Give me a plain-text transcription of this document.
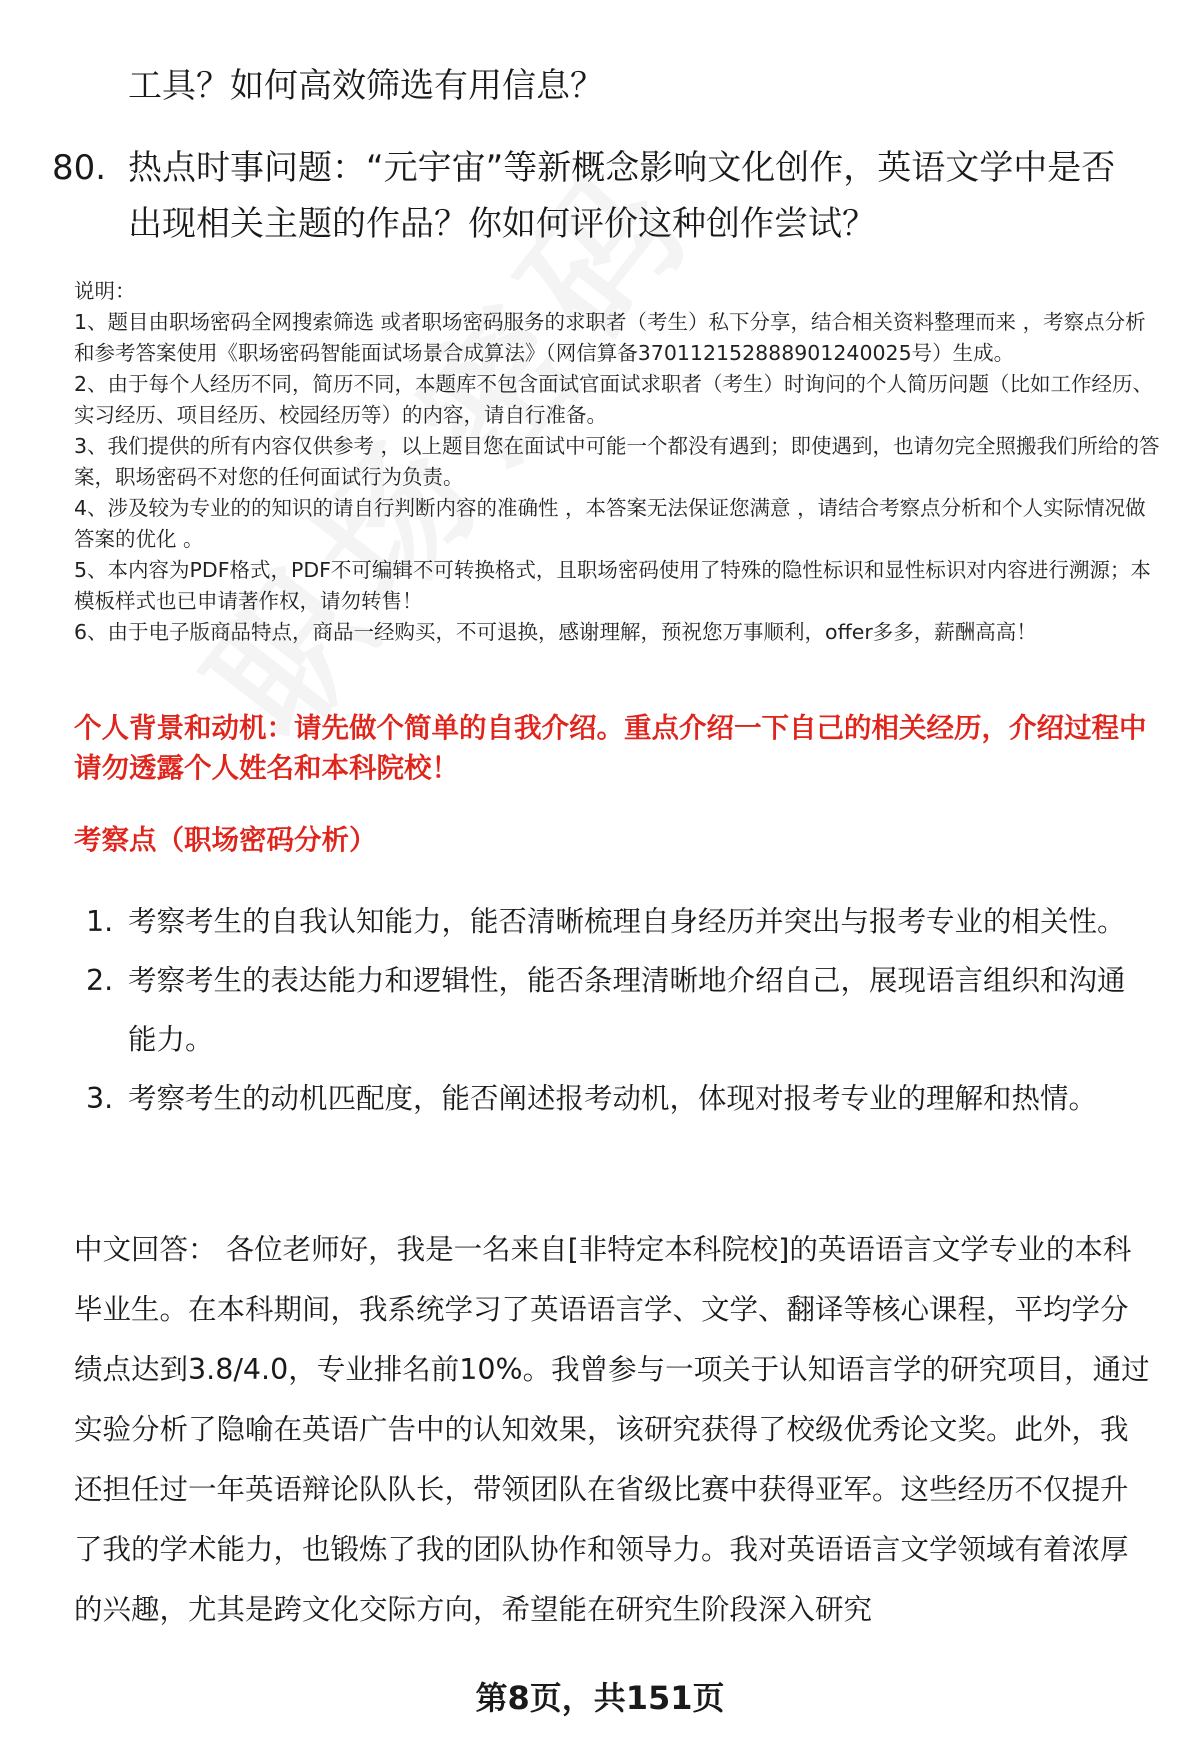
工具？如何高效筛选有用信息？

80. 热点时事问题：“元宇宙”等新概念影响文化创作，英语文学中是否出现相关主题的作品？你如何评价这种创作尝试？

说明：

1、题目由职场密码全网搜索筛选 或者职场密码服务的求职者（考生）私下分享，结合相关资料整理而来 ，考察点分析和参考答案使用《职场密码智能面试场景合成算法》（网信算备370112152888901240025号）生成。

2、由于每个人经历不同，简历不同，本题库不包含面试官面试求职者（考生）时询问的个人简历问题（比如工作经历、实习经历、项目经历、校园经历等）的内容，请自行准备。

3、我们提供的所有内容仅供参考 ，以上题目您在面试中可能一个都没有遇到；即使遇到，也请勿完全照搬我们所给的答案，职场密码不对您的任何面试行为负责。

4、涉及较为专业的的知识的请自行判断内容的准确性 ，本答案无法保证您满意 ，请结合考察点分析和个人实际情况做答案的优化 。

5、本内容为PDF格式，PDF不可编辑不可转换格式，且职场密码使用了特殊的隐性标识和显性标识对内容进行溯源；本模板样式也已申请著作权，请勿转售！

6、由于电子版商品特点，商品一经购买，不可退换，感谢理解，预祝您万事顺利，offer多多，薪酬高高！

个人背景和动机：请先做个简单的自我介绍。重点介绍一下自己的相关经历，介绍过程中请勿透露个人姓名和本科院校！

考察点（职场密码分析）

1. 考察考生的自我认知能力，能否清晰梳理自身经历并突出与报考专业的相关性。
2. 考察考生的表达能力和逻辑性，能否条理清晰地介绍自己，展现语言组织和沟通能力。
3. 考察考生的动机匹配度，能否阐述报考动机，体现对报考专业的理解和热情。

中文回答： 各位老师好，我是一名来自[非特定本科院校]的英语语言文学专业的本科毕业生。在本科期间，我系统学习了英语语言学、文学、翻译等核心课程，平均学分绩点达到3.8/4.0，专业排名前10%。我曾参与一项关于认知语言学的研究项目，通过实验分析了隐喻在英语广告中的认知效果，该研究获得了校级优秀论文奖。此外，我还担任过一年英语辩论队队长，带领团队在省级比赛中获得亚军。这些经历不仅提升了我的学术能力，也锻炼了我的团队协作和领导力。我对英语语言文学领域有着浓厚的兴趣，尤其是跨文化交际方向，希望能在研究生阶段深入研究

第8页，共151页
